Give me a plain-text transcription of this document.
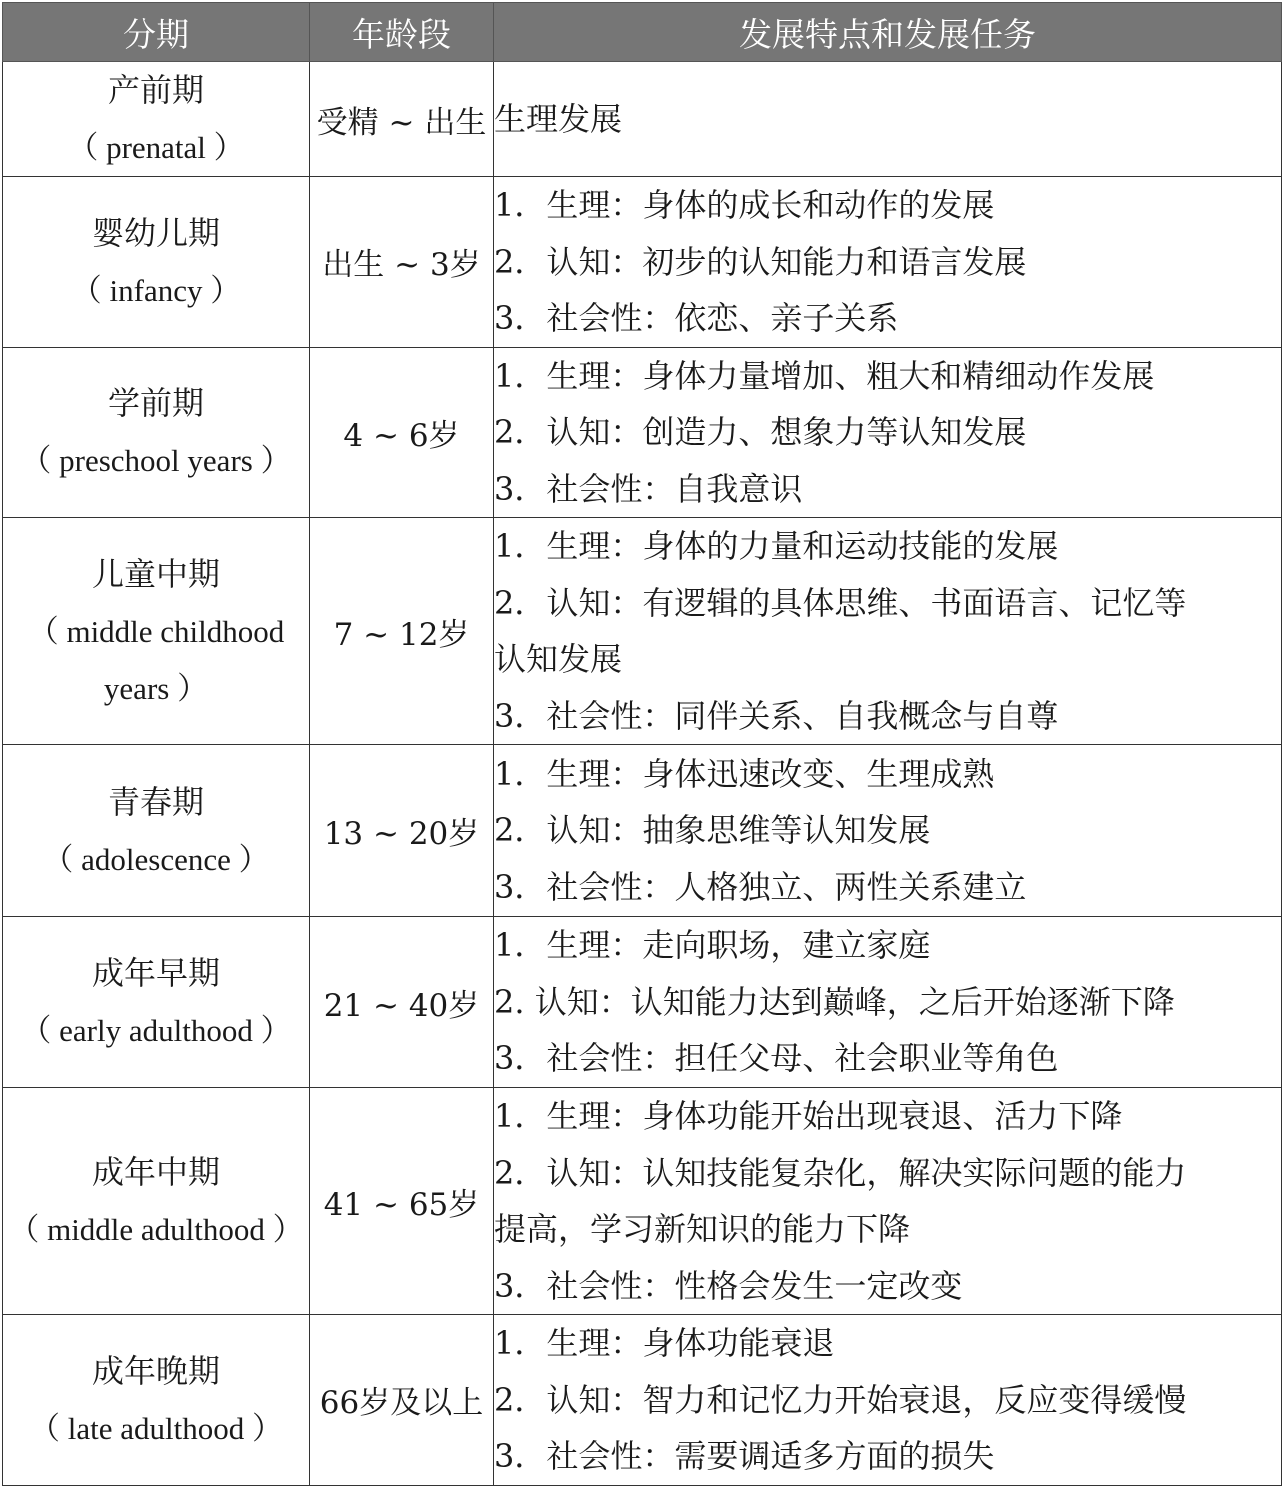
分期	年龄段	发展特点和发展任务

产前期
（ prenatal ）	受精 ~ 出生	生理发展

婴幼儿期
（ infancy ）	出生 ~ 3岁	1．生理：身体的成长和动作的发展
2．认知：初步的认知能力和语言发展
3．社会性：依恋、亲子关系

学前期
（ preschool years ）	4 ~ 6岁	1．生理：身体力量增加、粗大和精细动作发展
2．认知：创造力、想象力等认知发展
3．社会性：自我意识

儿童中期
（ middle childhood
years ）	7 ~ 12岁	1．生理：身体的力量和运动技能的发展
2．认知：有逻辑的具体思维、书面语言、记忆等
认知发展
3．社会性：同伴关系、自我概念与自尊

青春期
（ adolescence ）	13 ~ 20岁	1．生理：身体迅速改变、生理成熟
2．认知：抽象思维等认知发展
3．社会性：人格独立、两性关系建立

成年早期
（ early adulthood ）	21 ~ 40岁	1．生理：走向职场，建立家庭
2. 认知：认知能力达到巅峰，之后开始逐渐下降
3．社会性：担任父母、社会职业等角色

成年中期
（ middle adulthood ）	41 ~ 65岁	1．生理：身体功能开始出现衰退、活力下降
2．认知：认知技能复杂化，解决实际问题的能力
提高，学习新知识的能力下降
3．社会性：性格会发生一定改变

成年晚期
（ late adulthood ）	66岁及以上	1．生理：身体功能衰退
2．认知：智力和记忆力开始衰退，反应变得缓慢
3．社会性：需要调适多方面的损失
